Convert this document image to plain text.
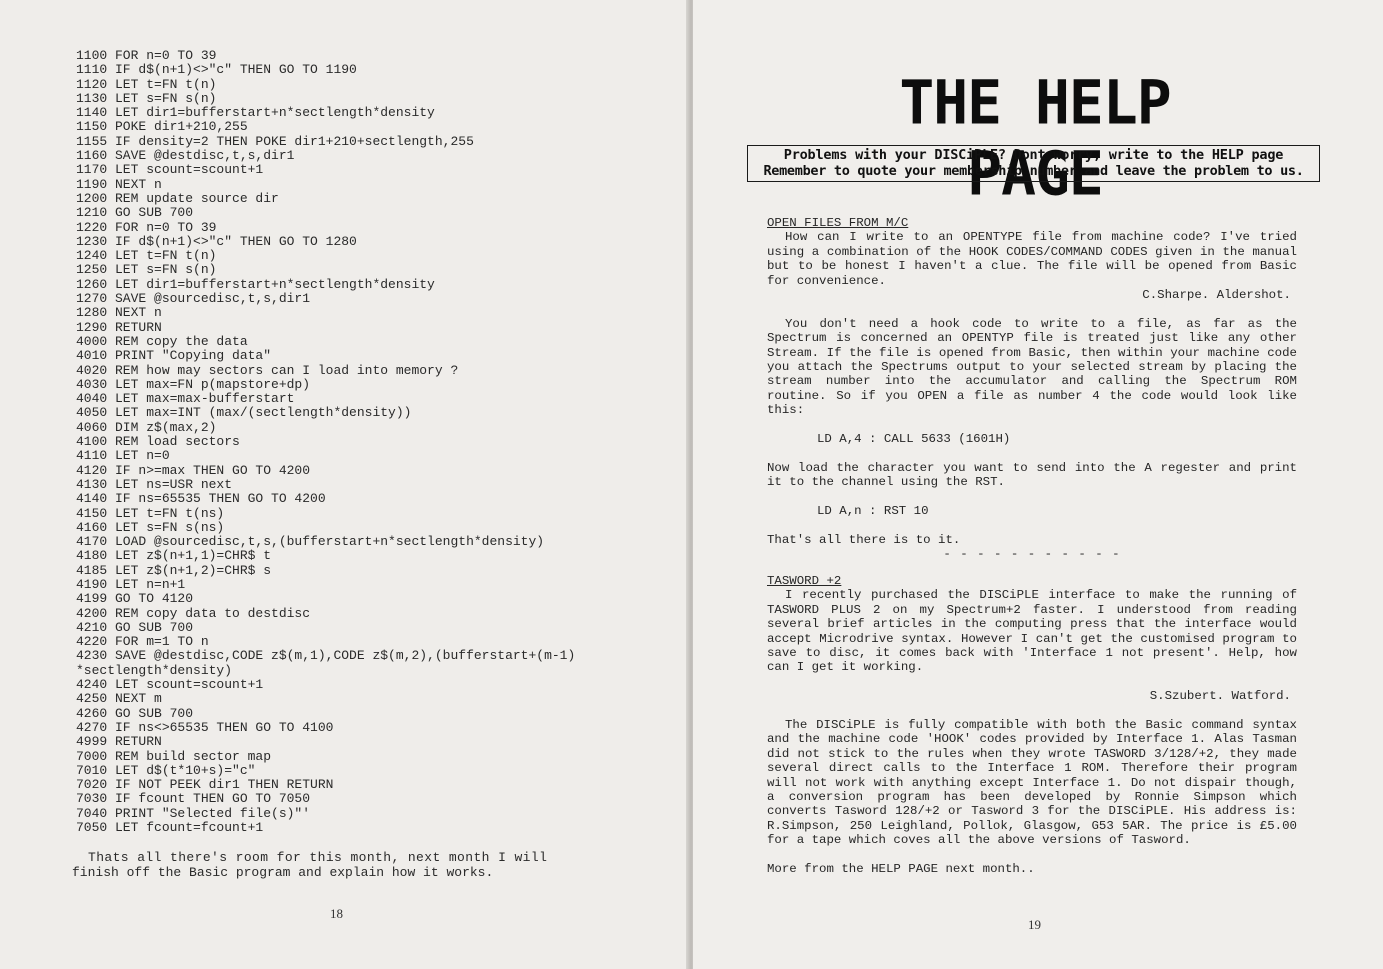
1100 FOR n=0 TO 39
1110 IF d$(n+1)<>"c" THEN GO TO 1190
1120 LET t=FN t(n)
1130 LET s=FN s(n)
1140 LET dir1=bufferstart+n*sectlength*density
1150 POKE dir1+210,255
1155 IF density=2 THEN POKE dir1+210+sectlength,255
1160 SAVE @destdisc,t,s,dir1
1170 LET scount=scount+1
1190 NEXT n
1200 REM update source dir
1210 GO SUB 700
1220 FOR n=0 TO 39
1230 IF d$(n+1)<>"c" THEN GO TO 1280
1240 LET t=FN t(n)
1250 LET s=FN s(n)
1260 LET dir1=bufferstart+n*sectlength*density
1270 SAVE @sourcedisc,t,s,dir1
1280 NEXT n
1290 RETURN
4000 REM copy the data
4010 PRINT "Copying data"
4020 REM how may sectors can I load into memory ?
4030 LET max=FN p(mapstore+dp)
4040 LET max=max-bufferstart
4050 LET max=INT (max/(sectlength*density))
4060 DIM z$(max,2)
4100 REM load sectors
4110 LET n=0
4120 IF n>=max THEN GO TO 4200
4130 LET ns=USR next
4140 IF ns=65535 THEN GO TO 4200
4150 LET t=FN t(ns)
4160 LET s=FN s(ns)
4170 LOAD @sourcedisc,t,s,(bufferstart+n*sectlength*density)
4180 LET z$(n+1,1)=CHR$ t
4185 LET z$(n+1,2)=CHR$ s
4190 LET n=n+1
4199 GO TO 4120
4200 REM copy data to destdisc
4210 GO SUB 700
4220 FOR m=1 TO n
4230 SAVE @destdisc,CODE z$(m,1),CODE z$(m,2),(bufferstart+(m-1)
*sectlength*density)
4240 LET scount=scount+1
4250 NEXT m
4260 GO SUB 700
4270 IF ns<>65535 THEN GO TO 4100
4999 RETURN
7000 REM build sector map
7010 LET d$(t*10+s)="c"
7020 IF NOT PEEK dir1 THEN RETURN
7030 IF fcount THEN GO TO 7050
7040 PRINT "Selected file(s)"'
7050 LET fcount=fcount+1
Thats all there's room for this month, next month I will
finish off the Basic program and explain how it works.
18
THE HELP PAGE
Problems with your DISCiPLE? Dont worry, write to the HELP page
Remember to quote your membership number and leave the problem to us.
OPEN FILES FROM M/C
How can I write to an OPENTYPE file from machine code? I've tried using a combination of the HOOK CODES/COMMAND CODES given in the manual but to be honest I haven't a clue. The file will be opened from Basic for convenience.
C.Sharpe. Aldershot.
You don't need a hook code to write to a file, as far as the Spectrum is concerned an OPENTYP file is treated just like any other Stream. If the file is opened from Basic, then within your machine code you attach the Spectrums output to your selected stream by placing the stream number into the accumulator and calling the Spectrum ROM routine. So if you OPEN a file as number 4 the code would look like this:
LD A,4 : CALL 5633 (1601H)
Now load the character you want to send into the A regester and print it to the channel using the RST.
LD A,n : RST 10
That's all there is to it.
- - - - - - - - - - -
TASWORD +2
I recently purchased the DISCiPLE interface to make the running of TASWORD PLUS 2 on my Spectrum+2 faster. I understood from reading several brief articles in the computing press that the interface would accept Microdrive syntax. However I can't get the customised program to save to disc, it comes back with 'Interface 1 not present'. Help, how can I get it working.
S.Szubert. Watford.
The DISCiPLE is fully compatible with both the Basic command syntax and the machine code 'HOOK' codes provided by Interface 1. Alas Tasman did not stick to the rules when they wrote TASWORD 3/128/+2, they made several direct calls to the Interface 1 ROM. Therefore their program will not work with anything except Interface 1. Do not dispair though, a conversion program has been developed by Ronnie Simpson which converts Tasword 128/+2 or Tasword 3 for the DISCiPLE. His address is: R.Simpson, 250 Leighland, Pollok, Glasgow, G53 5AR. The price is £5.00 for a tape which coves all the above versions of Tasword.
More from the HELP PAGE next month..
19
